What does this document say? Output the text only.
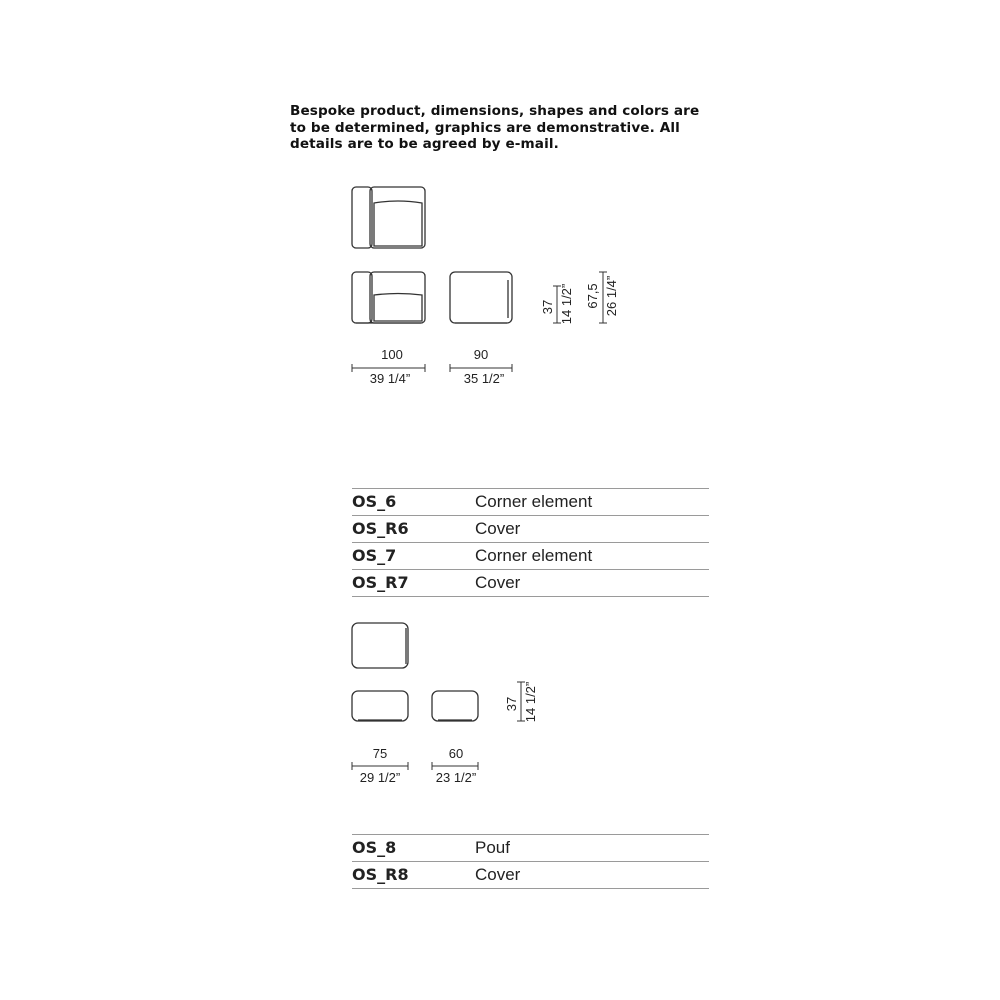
Bespoke product, dimensions, shapes and colors are to be determined, graphics are demonstrative. All details are to be agreed by e-mail.
100
39 1/4”
90
35 1/2”
37 14 1/2” 67,5 26 1/4”
75
29 1/2”
60
23 1/2”
37 14 1/2”
OS_6	Corner element
OS_R6	Cover
OS_7	Corner element
OS_R7	Cover
OS_8	Pouf
OS_R8	Cover
